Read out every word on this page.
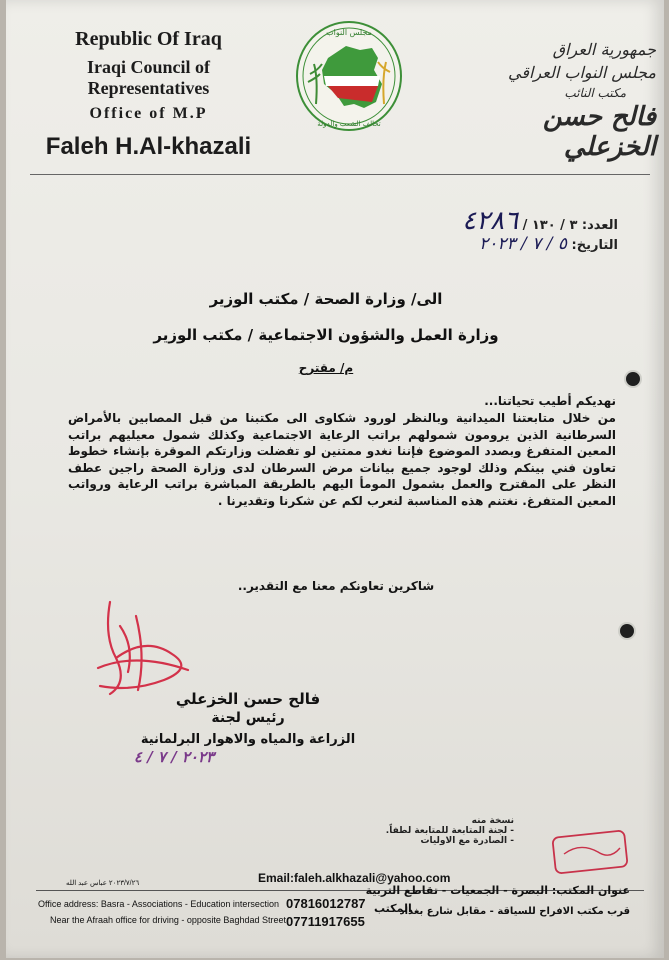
Republic Of Iraq
Iraqi Council of Representatives
Office of M.P
Faleh H.Al-khazali
مجلس النواب
تحالف الشعب والدولة
جمهورية العراق
مجلس النواب العراقي
مكتب النائب
فالح حسن الخزعلي
العدد: ٣ / ١٣٠ / ٤٢٨٦
التاريخ: ٥ / ٧ / ٢٠٢٣
الى/ وزارة الصحة / مكتب الوزير
وزارة العمل والشؤون الاجتماعية / مكتب الوزير
م/ مقترح
نهديكم أطيب تحياتنا...
من خلال متابعتنا الميدانية وبالنظر لورود شكاوى الى مكتبنا من قبل المصابين بالأمراض السرطانية الذين يرومون شمولهم براتب الرعاية الاجتماعية وكذلك شمول معيليهم براتب المعين المتفرغ وبصدد الموضوع فإننا نغدو ممتنين لو تفضلت وزارتكم الموقرة بإنشاء خطوط تعاون فني بينكم وذلك لوجود جميع بيانات مرض السرطان لدى وزارة الصحة راجين عطف النظر على المقترح والعمل بشمول المومأ اليهم بالطريقة المباشرة براتب الرعاية ورواتب المعين المتفرغ. نغتنم هذه المناسبة لنعرب لكم عن شكرنا وتقديرنا .
شاكرين تعاونكم معنا مع التقدير..
فالح حسن الخزعلي
رئيس لجنة
الزراعة والمياه والاهوار البرلمانية
٢٠٢٣ / ٧ / ٤
نسخة منه
- لجنة المتابعة للمتابعة لطفاً.
- الصادرة مع الاوليات
٢٠٢٣/٧/٢٦ عباس عبد الله	Email:faleh.alkhazali@yahoo.com
07816012787
07711917655
المكتب
Office address: Basra - Associations - Education intersection
Near the Afraah office for driving - opposite Baghdad Street
عنوان المكتب: البصرة - الجمعيات - تقاطع التربية
قرب مكتب الافراح للسياقة - مقابل شارع بغداد
